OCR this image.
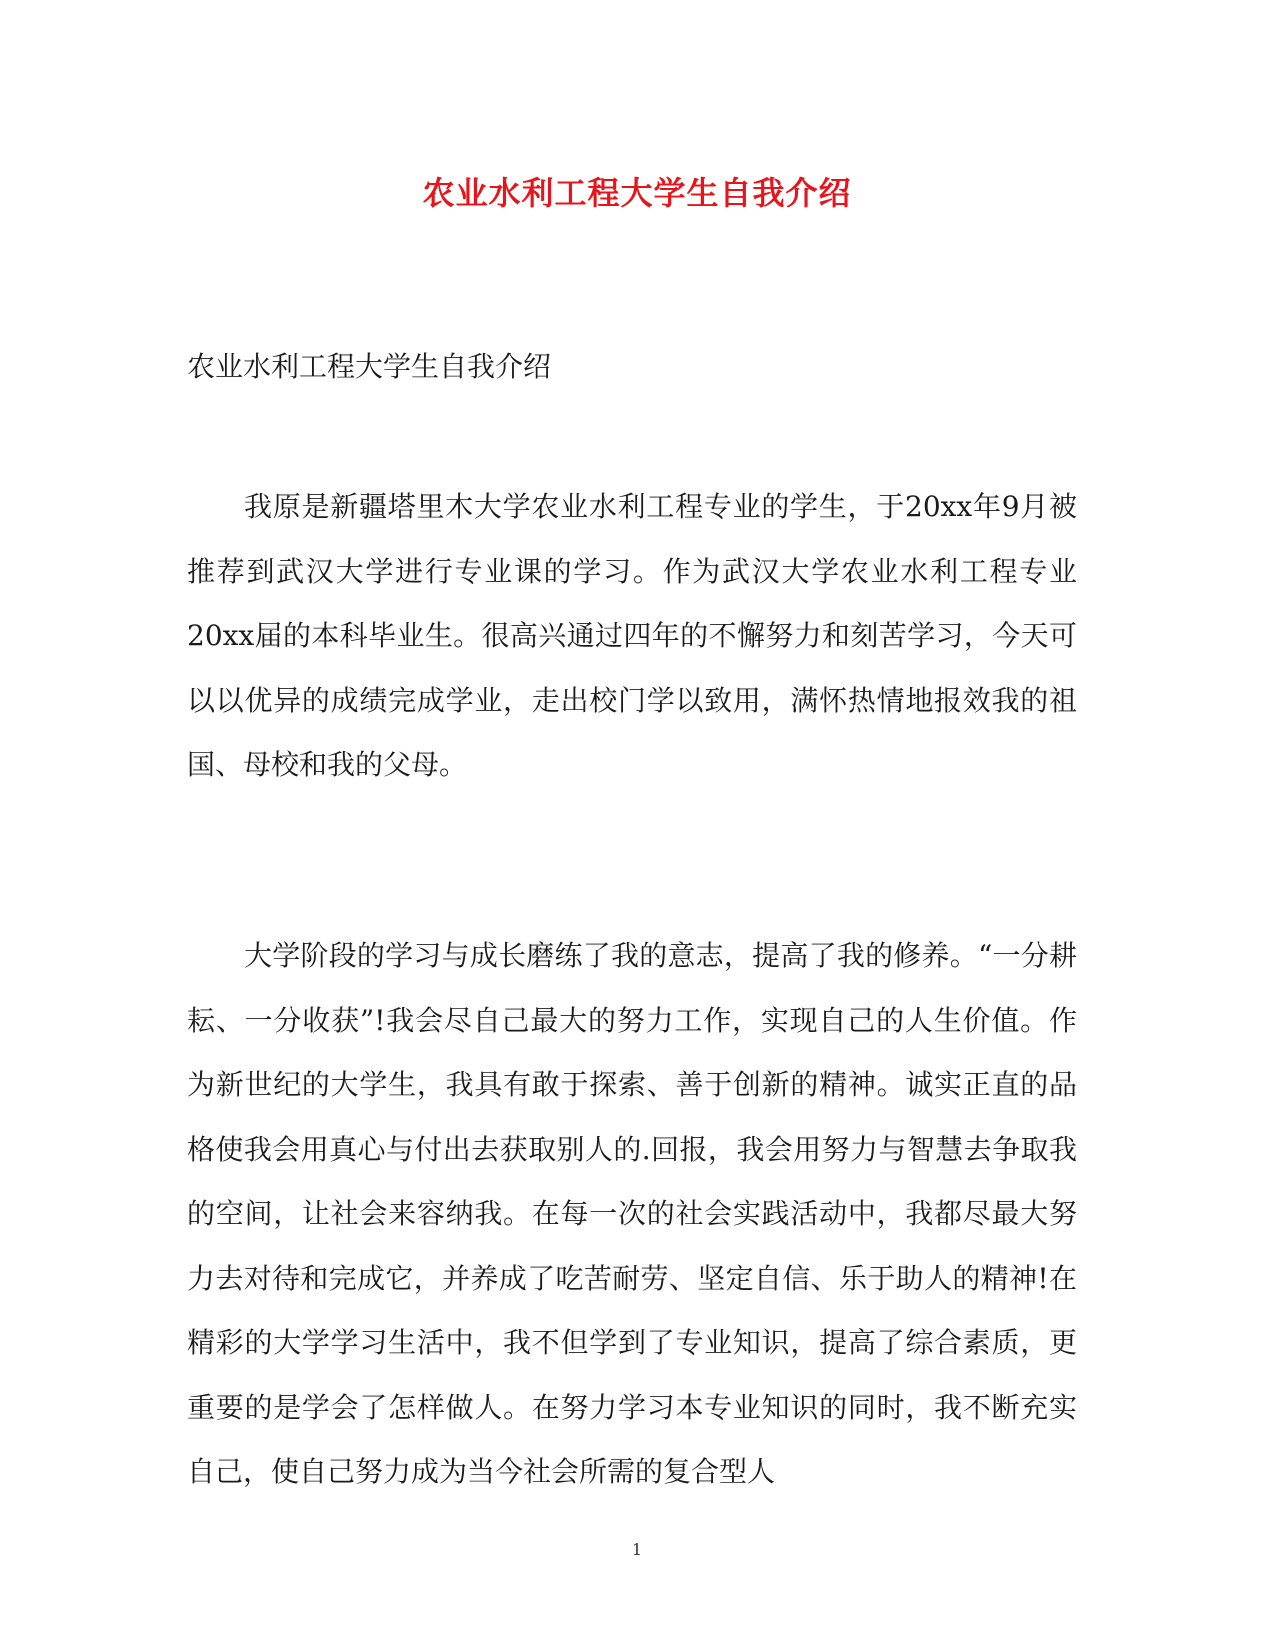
农业水利工程大学生自我介绍

农业水利工程大学生自我介绍

我原是新疆塔里木大学农业水利工程专业的学生，于20xx年9月被推荐到武汉大学进行专业课的学习。作为武汉大学农业水利工程专业20xx届的本科毕业生。很高兴通过四年的不懈努力和刻苦学习，今天可以以优异的成绩完成学业，走出校门学以致用，满怀热情地报效我的祖国、母校和我的父母。

大学阶段的学习与成长磨练了我的意志，提高了我的修养。“一分耕耘、一分收获”!我会尽自己最大的努力工作，实现自己的人生价值。作为新世纪的大学生，我具有敢于探索、善于创新的精神。诚实正直的品格使我会用真心与付出去获取别人的.回报，我会用努力与智慧去争取我的空间，让社会来容纳我。在每一次的社会实践活动中，我都尽最大努力去对待和完成它，并养成了吃苦耐劳、坚定自信、乐于助人的精神!在精彩的大学学习生活中，我不但学到了专业知识，提高了综合素质，更重要的是学会了怎样做人。在努力学习本专业知识的同时，我不断充实自己，使自己努力成为当今社会所需的复合型人

1
